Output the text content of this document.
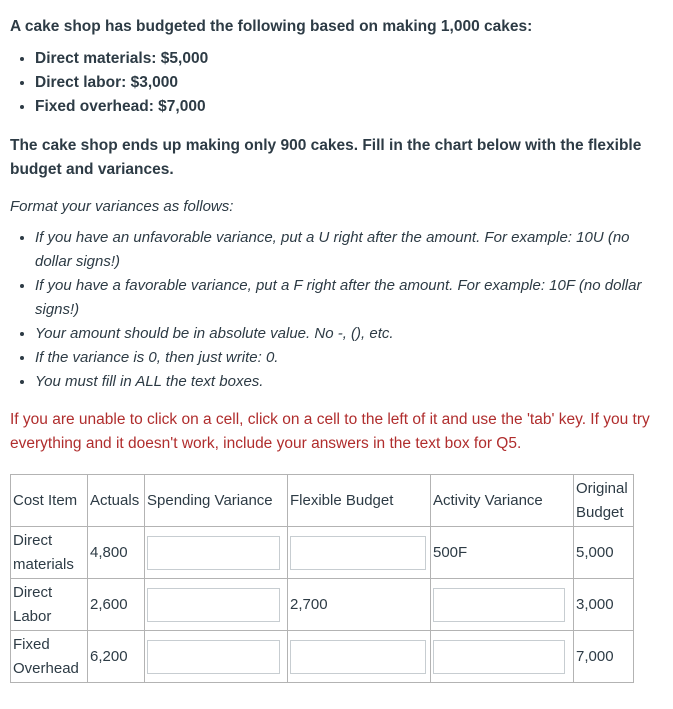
A cake shop has budgeted the following based on making 1,000 cakes:

• Direct materials: $5,000
• Direct labor: $3,000
• Fixed overhead: $7,000

The cake shop ends up making only 900 cakes. Fill in the chart below with the flexible budget and variances.

Format your variances as follows:

• If you have an unfavorable variance, put a U right after the amount. For example: 10U (no dollar signs!)
• If you have a favorable variance, put a F right after the amount. For example: 10F (no dollar signs!)
• Your amount should be in absolute value. No -, (), etc.
• If the variance is 0, then just write: 0.
• You must fill in ALL the text boxes.

If you are unable to click on a cell, click on a cell to the left of it and use the 'tab' key. If you try everything and it doesn't work, include your answers in the text box for Q5.

Cost Item	Actuals	Spending Variance	Flexible Budget	Activity Variance	Original Budget
Direct materials	4,800			500F	5,000
Direct Labor	2,600		2,700		3,000
Fixed Overhead	6,200				7,000
